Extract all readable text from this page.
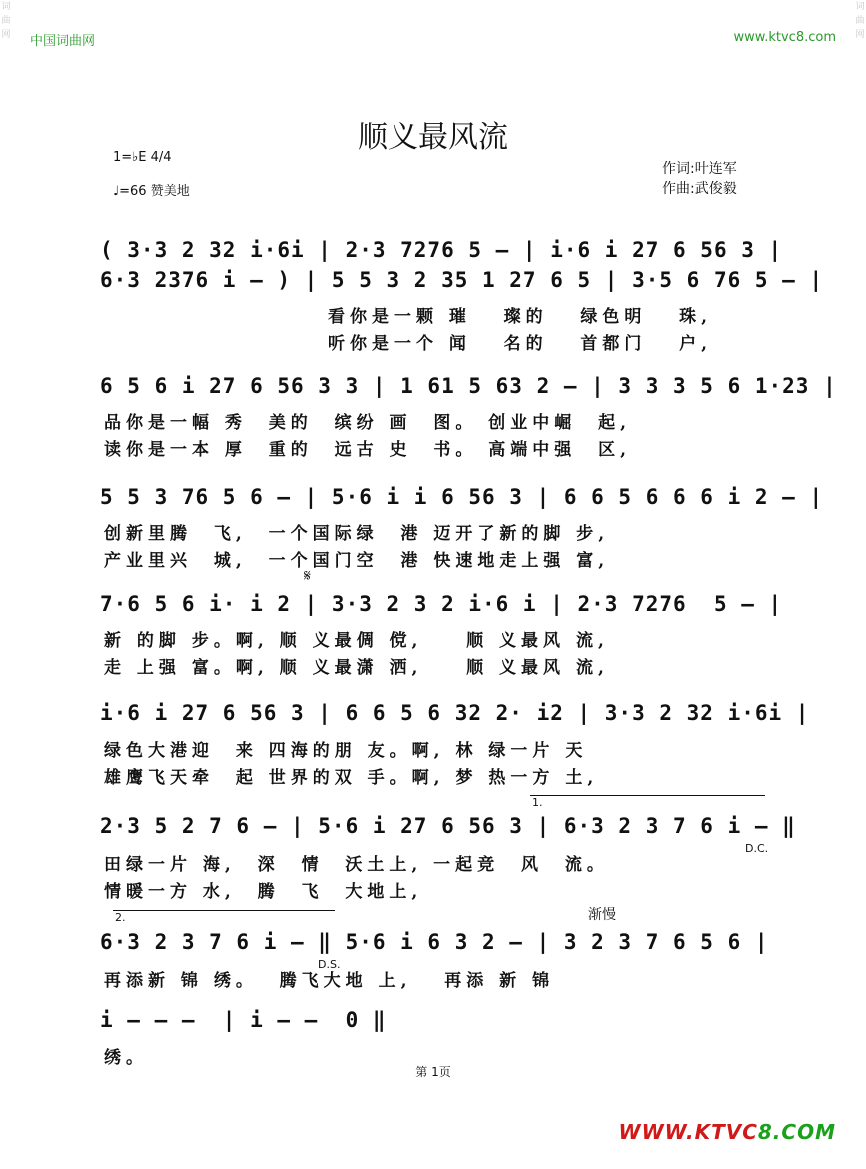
词曲网
词曲网
中国词曲网	www.ktvc8.com
顺义最风流
1=♭E 4/4
♩=66 赞美地
作词:叶连军
作曲:武俊毅
( 3·3 2 32 i·6i | 2·3 7276 5 – | i·6 i 27 6 56 3 |
6·3 2376 i – ) | 5 5 3 2 35 1 27 6 5 | 3·5 6 76 5 – |
看你是一颗 璀   璨的   绿色明   珠,
听你是一个 闻   名的   首都门   户,
6 5 6 i 27 6 56 3 3 | 1 61 5 63 2 – | 3 3 3 5 6 1·23 |
品你是一幅 秀  美的  缤纷 画  图。 创业中崛  起,
读你是一本 厚  重的  远古 史  书。 高端中强  区,
5 5 3 76 5 6 – | 5·6 i i 6 56 3 | 6 6 5 6 6 6 i 2 – |
创新里腾  飞,  一个国际绿  港 迈开了新的脚 步,
产业里兴  城,  一个国门空  港 快速地走上强 富,
𝄋
7·6 5 6 i· i 2 | 3·3 2 3 2 i·6 i | 2·3 7276  5 – |
新 的脚 步。啊, 顺 义最倜 傥,    顺 义最风 流,
走 上强 富。啊, 顺 义最潇 洒,    顺 义最风 流,
i·6 i 27 6 56 3 | 6 6 5 6 32 2· i2 | 3·3 2 32 i·6i |
绿色大港迎  来 四海的朋 友。啊, 林 绿一片 天
雄鹰飞天牵  起 世界的双 手。啊, 梦 热一方 土,
1.
2·3 5 2 7 6 – | 5·6 i 27 6 56 3 | 6·3 2 3 7 6 i – ‖
D.C.
田绿一片 海,  深  情  沃土上, 一起竞  风  流。
情暖一方 水,  腾  飞  大地上,
2.	渐慢
6·3 2 3 7 6 i – ‖ 5·6 i 6 3 2 – | 3 2 3 7 6 5 6 |
D.S.
再添新 锦 绣。  腾飞大地 上,   再添 新 锦
i – – –  | i – –  0 ‖
绣。
第 1页
WWW.KTVC8.COM
